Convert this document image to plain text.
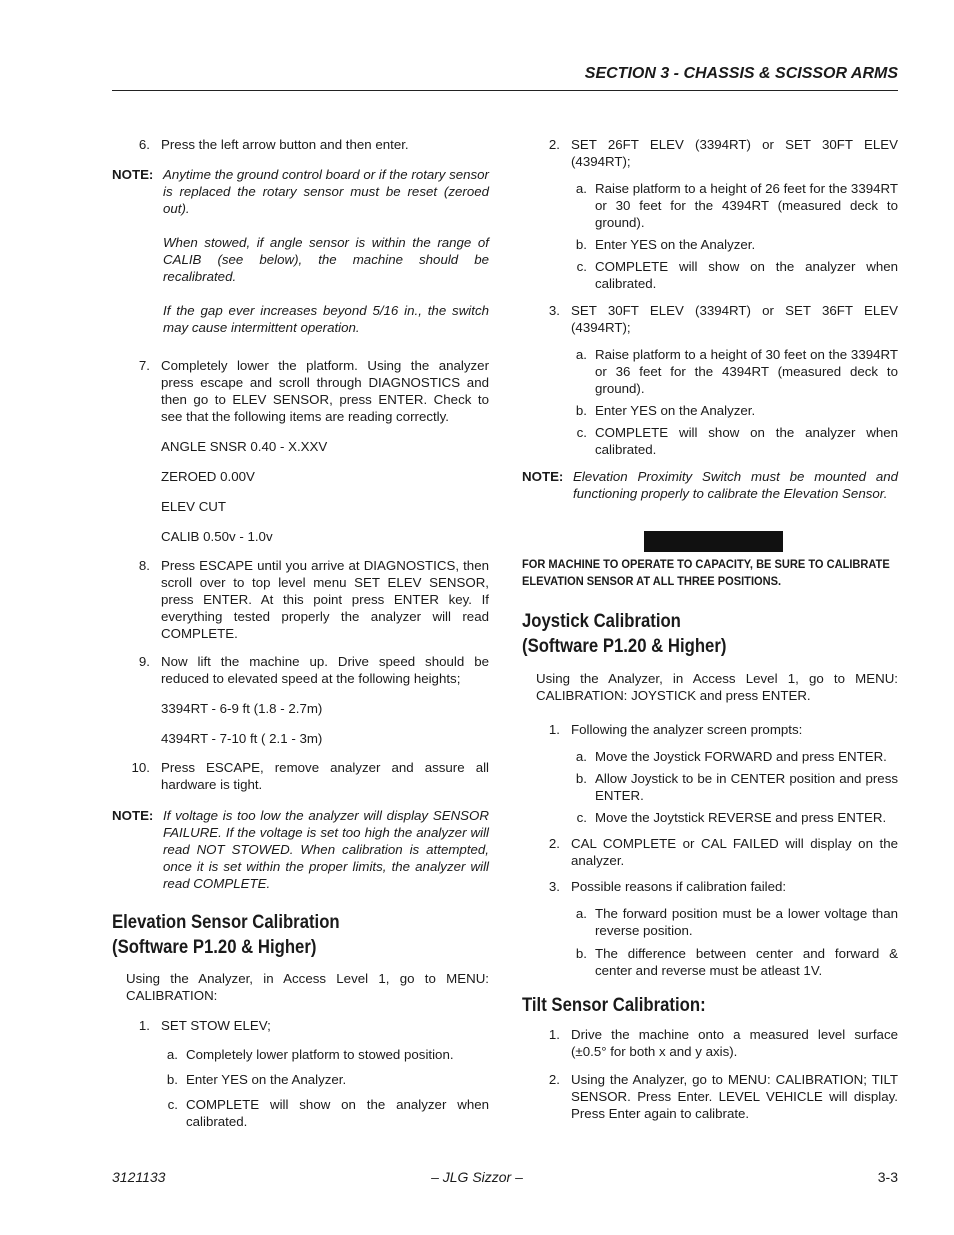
SECTION 3 - CHASSIS & SCISSOR ARMS
6. Press the left arrow button and then enter.

NOTE: Anytime the ground control board or if the rotary sensor is replaced the rotary sensor must be reset (zeroed out).

When stowed, if angle sensor is within the range of CALIB (see below), the machine should be recalibrated.

If the gap ever increases beyond 5/16 in., the switch may cause intermittent operation.

7. Completely lower the platform. Using the analyzer press escape and scroll through DIAGNOSTICS and then go to ELEV SENSOR, press ENTER. Check to see that the following items are reading correctly.

ANGLE SNSR 0.40 - X.XXV

ZEROED 0.00V

ELEV CUT

CALIB 0.50v - 1.0v

8. Press ESCAPE until you arrive at DIAGNOSTICS, then scroll over to top level menu SET ELEV SENSOR, press ENTER. At this point press ENTER key. If everything tested properly the analyzer will read COMPLETE.

9. Now lift the machine up. Drive speed should be reduced to elevated speed at the following heights;

3394RT - 6-9 ft (1.8 - 2.7m)

4394RT - 7-10 ft ( 2.1 - 3m)

10. Press ESCAPE, remove analyzer and assure all hardware is tight.

NOTE: If voltage is too low the analyzer will display SENSOR FAILURE. If the voltage is set too high the analyzer will read NOT STOWED. When calibration is attempted, once it is set within the proper limits, the analyzer will read COMPLETE.

Elevation Sensor Calibration
(Software P1.20 & Higher)

Using the Analyzer, in Access Level 1, go to MENU: CALIBRATION:

1. SET STOW ELEV;

a. Completely lower platform to stowed position.

b. Enter YES on the Analyzer.

c. COMPLETE will show on the analyzer when calibrated.

2. SET 26FT ELEV (3394RT) or SET 30FT ELEV (4394RT);

a. Raise platform to a height of 26 feet for the 3394RT or 30 feet for the 4394RT (measured deck to ground).

b. Enter YES on the Analyzer.

c. COMPLETE will show on the analyzer when calibrated.

3. SET 30FT ELEV (3394RT) or SET 36FT ELEV (4394RT);

a. Raise platform to a height of 30 feet on the 3394RT or 36 feet for the 4394RT (measured deck to ground).

b. Enter YES on the Analyzer.

c. COMPLETE will show on the analyzer when calibrated.

NOTE: Elevation Proximity Switch must be mounted and functioning properly to calibrate the Elevation Sensor.

FOR MACHINE TO OPERATE TO CAPACITY, BE SURE TO CALIBRATE ELEVATION SENSOR AT ALL THREE POSITIONS.
Joystick Calibration
(Software P1.20 & Higher)

Using the Analyzer, in Access Level 1, go to MENU: CALIBRATION: JOYSTICK and press ENTER.

1. Following the analyzer screen prompts:

a. Move the Joystick FORWARD and press ENTER.

b. Allow Joystick to be in CENTER position and press ENTER.

c. Move the Joytstick REVERSE and press ENTER.

2. CAL COMPLETE or CAL FAILED will display on the analyzer.

3. Possible reasons if calibration failed:

a. The forward position must be a lower voltage than reverse position.

b. The difference between center and forward & center and reverse must be atleast 1V.

Tilt Sensor Calibration:
1. Drive the machine onto a measured level surface (±0.5° for both x and y axis).

2. Using the Analyzer, go to MENU: CALIBRATION; TILT SENSOR. Press Enter. LEVEL VEHICLE will display. Press Enter again to calibrate.

3121133	– JLG Sizzor –	3-3
